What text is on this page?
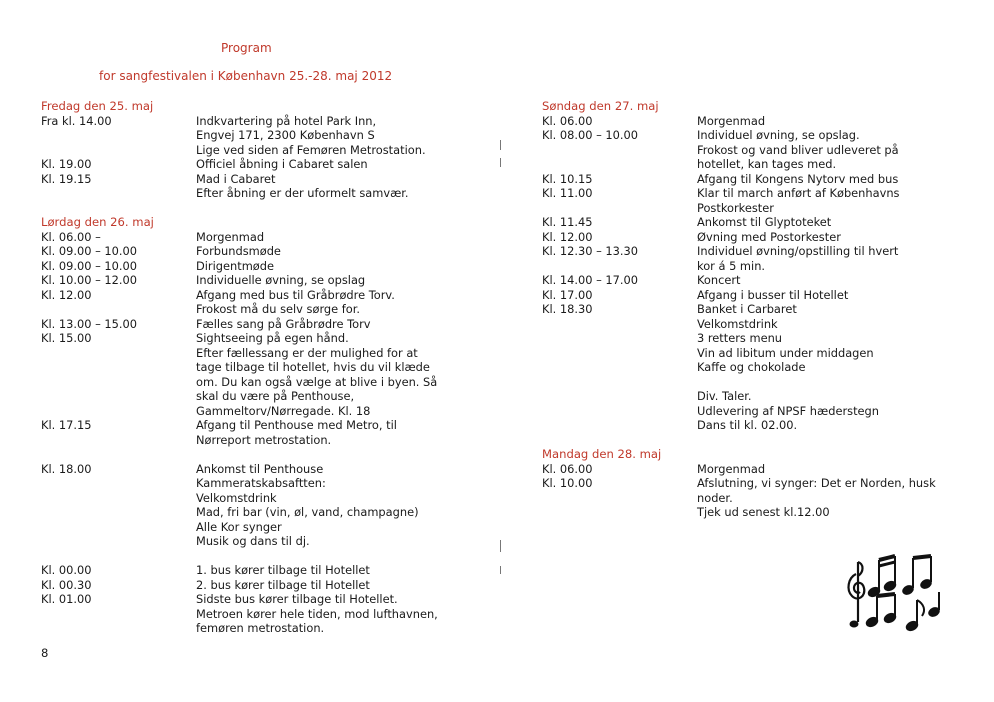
Program
for sangfestivalen i København 25.-28. maj 2012
Fredag den 25. maj
Fra kl. 14.00	Indkvartering på hotel Park Inn,
Engvej 171, 2300 København S
Lige ved siden af Femøren Metrostation.
Kl. 19.00	Officiel åbning i Cabaret salen
Kl. 19.15	Mad i Cabaret
Efter åbning er der uformelt samvær.
Lørdag den 26. maj
Kl. 06.00 –	Morgenmad
Kl. 09.00 – 10.00	Forbundsmøde
Kl. 09.00 – 10.00	Dirigentmøde
Kl. 10.00 – 12.00	Individuelle øvning, se opslag
Kl. 12.00	Afgang med bus til Gråbrødre Torv.
Frokost må du selv sørge for.
Kl. 13.00 – 15.00	Fælles sang på Gråbrødre Torv
Kl. 15.00	Sightseeing på egen hånd.
Efter fællessang er der mulighed for at
tage tilbage til hotellet, hvis du vil klæde
om. Du kan også vælge at blive i byen. Så
skal du være på Penthouse,
Gammeltorv/Nørregade. Kl. 18
Kl. 17.15	Afgang til Penthouse med Metro, til
Nørreport metrostation.
Kl. 18.00	Ankomst til Penthouse
Kammeratskabsaftten:
Velkomstdrink
Mad, fri bar (vin, øl, vand, champagne)
Alle Kor synger
Musik og dans til dj.
Kl. 00.00	1. bus kører tilbage til Hotellet
Kl. 00.30	2. bus kører tilbage til Hotellet
Kl. 01.00	Sidste bus kører tilbage til Hotellet.
Metroen kører hele tiden, mod lufthavnen,
femøren metrostation.
Søndag den 27. maj
Kl. 06.00	Morgenmad
Kl. 08.00 – 10.00	Individuel øvning, se opslag.
Frokost og vand bliver udleveret på
hotellet, kan tages med.
Kl. 10.15	Afgang til Kongens Nytorv med bus
Kl. 11.00	Klar til march anført af Københavns
Postkorkester
Kl. 11.45	Ankomst til Glyptoteket
Kl. 12.00	Øvning med Postorkester
Kl. 12.30 – 13.30	Individuel øvning/opstilling til hvert
kor á 5 min.
Kl. 14.00 – 17.00	Koncert
Kl. 17.00	Afgang i busser til Hotellet
Kl. 18.30	Banket i Carbaret
Velkomstdrink
3 retters menu
Vin ad libitum under middagen
Kaffe og chokolade
Div. Taler.
Udlevering af NPSF hæderstegn
Dans til kl. 02.00.
Mandag den 28. maj
Kl. 06.00	Morgenmad
Kl. 10.00	Afslutning, vi synger: Det er Norden, husk
noder.
Tjek ud senest kl.12.00
8
